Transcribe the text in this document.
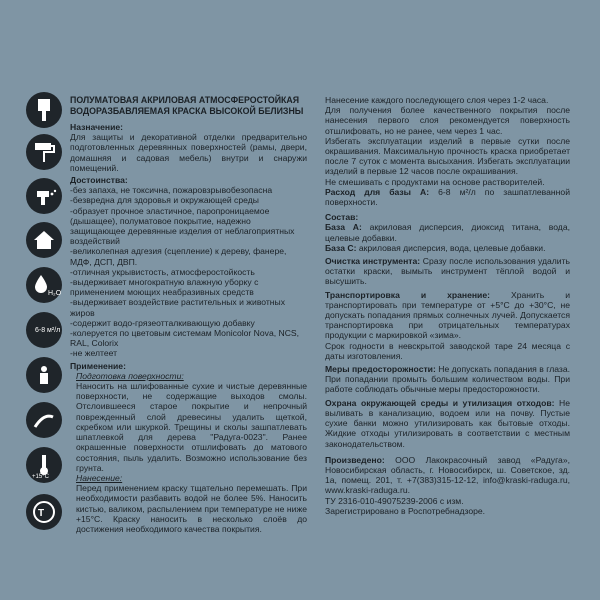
H₂O
6-8 м²/л
+15°C
Т

ПОЛУМАТОВАЯ АКРИЛОВАЯ АТМОСФЕРОСТОЙКАЯ ВОДОРАЗБАВЛЯЕМАЯ КРАСКА ВЫСОКОЙ БЕЛИЗНЫ

Назначение:

Для защиты и декоративной отделки предварительно подготовленных деревянных поверхностей (рамы, двери, домашняя и садовая мебель) внутри и снаружи помещений.

Достоинства:
-без запаха, не токсична, пожаровзрывобезопасна
-безвредна для здоровья и окружающей среды
-образует прочное эластичное, паропроницаемое (дышащее), полуматовое покрытие, надежно защищающее деревянные изделия от неблагоприятных воздействий
-великолепная адгезия (сцепление) к дереву, фанере, МДФ, ДСП, ДВП.
-отличная укрывистость, атмосферостойкость
-выдерживает многократную влажную уборку с применением моющих неабразивных средств
-выдерживает воздействие растительных и животных жиров
-содержит водо-грязеотталкивающую добавку
-колеруется по цветовым системам Monicolor Nova, NCS, RAL, Colorix
-не желтеет
Применение:
Подготовка поверхности:

Наносить на шлифованные сухие и чистые деревянные поверхности, не содержащие выходов смолы. Отслоившееся старое покрытие и непрочный поврежденный слой древесины удалить щеткой, скребком или шкуркой. Трещины и сколы зашпатлевать шпатлевкой для дерева "Радуга-0023". Ранее окрашенные поверхности отшлифовать до матового состояния, пыль удалить. Возможно использование без грунта.

Нанесение:

Перед применением краску тщательно перемешать. При необходимости разбавить водой не более 5%. Наносить кистью, валиком, распылением при температуре не ниже +15°С. Краску наносить в несколько слоёв до достижения необходимого качества покрытия.

Нанесение каждого последующего слоя через 1-2 часа.

Для получения более качественного покрытия после нанесения первого слоя рекомендуется поверхность отшлифовать, но не ранее, чем через 1 час.

Избегать эксплуатации изделий в первые сутки после окрашивания. Максимальную прочность краска приобретает после 7 суток с момента высыхания. Избегать эксплуатации изделий в первые 12 часов после окрашивания.

Не смешивать с продуктами на основе растворителей.

Расход для базы А: 6-8 м²/л по зашпатлеванной поверхности.

Состав:

База А: акриловая дисперсия, диоксид титана, вода, целевые добавки.

База С: акриловая дисперсия, вода, целевые добавки.

Очистка инструмента: Сразу после использования удалить остатки краски, вымыть инструмент тёплой водой и высушить.

Транспортировка и хранение: Хранить и транспортировать при температуре от +5°С до +30°С, не допускать попадания прямых солнечных лучей. Допускается транспортировка при отрицательных температурах продукции с маркировкой «зима».

Срок годности в невскрытой заводской таре 24 месяца с даты изготовления.

Меры предосторожности: Не допускать попадания в глаза. При попадании промыть большим количеством воды. При работе соблюдать обычные меры предосторожности.

Охрана окружающей среды и утилизация отходов: Не выливать в канализацию, водоем или на почву. Пустые сухие банки можно утилизировать как бытовые отходы. Жидкие отходы утилизировать в соответствии с местным законодательством.

Произведено: ООО Лакокрасочный завод «Радуга», Новосибирская область, г. Новосибирск, ш. Советское, зд. 1а, помещ. 201, т. +7(383)315-12-12, info@kraski-raduga.ru, www.kraski-raduga.ru.

ТУ 2316-010-49075239-2006 с изм.

Зарегистрировано в Роспотребнадзоре.
